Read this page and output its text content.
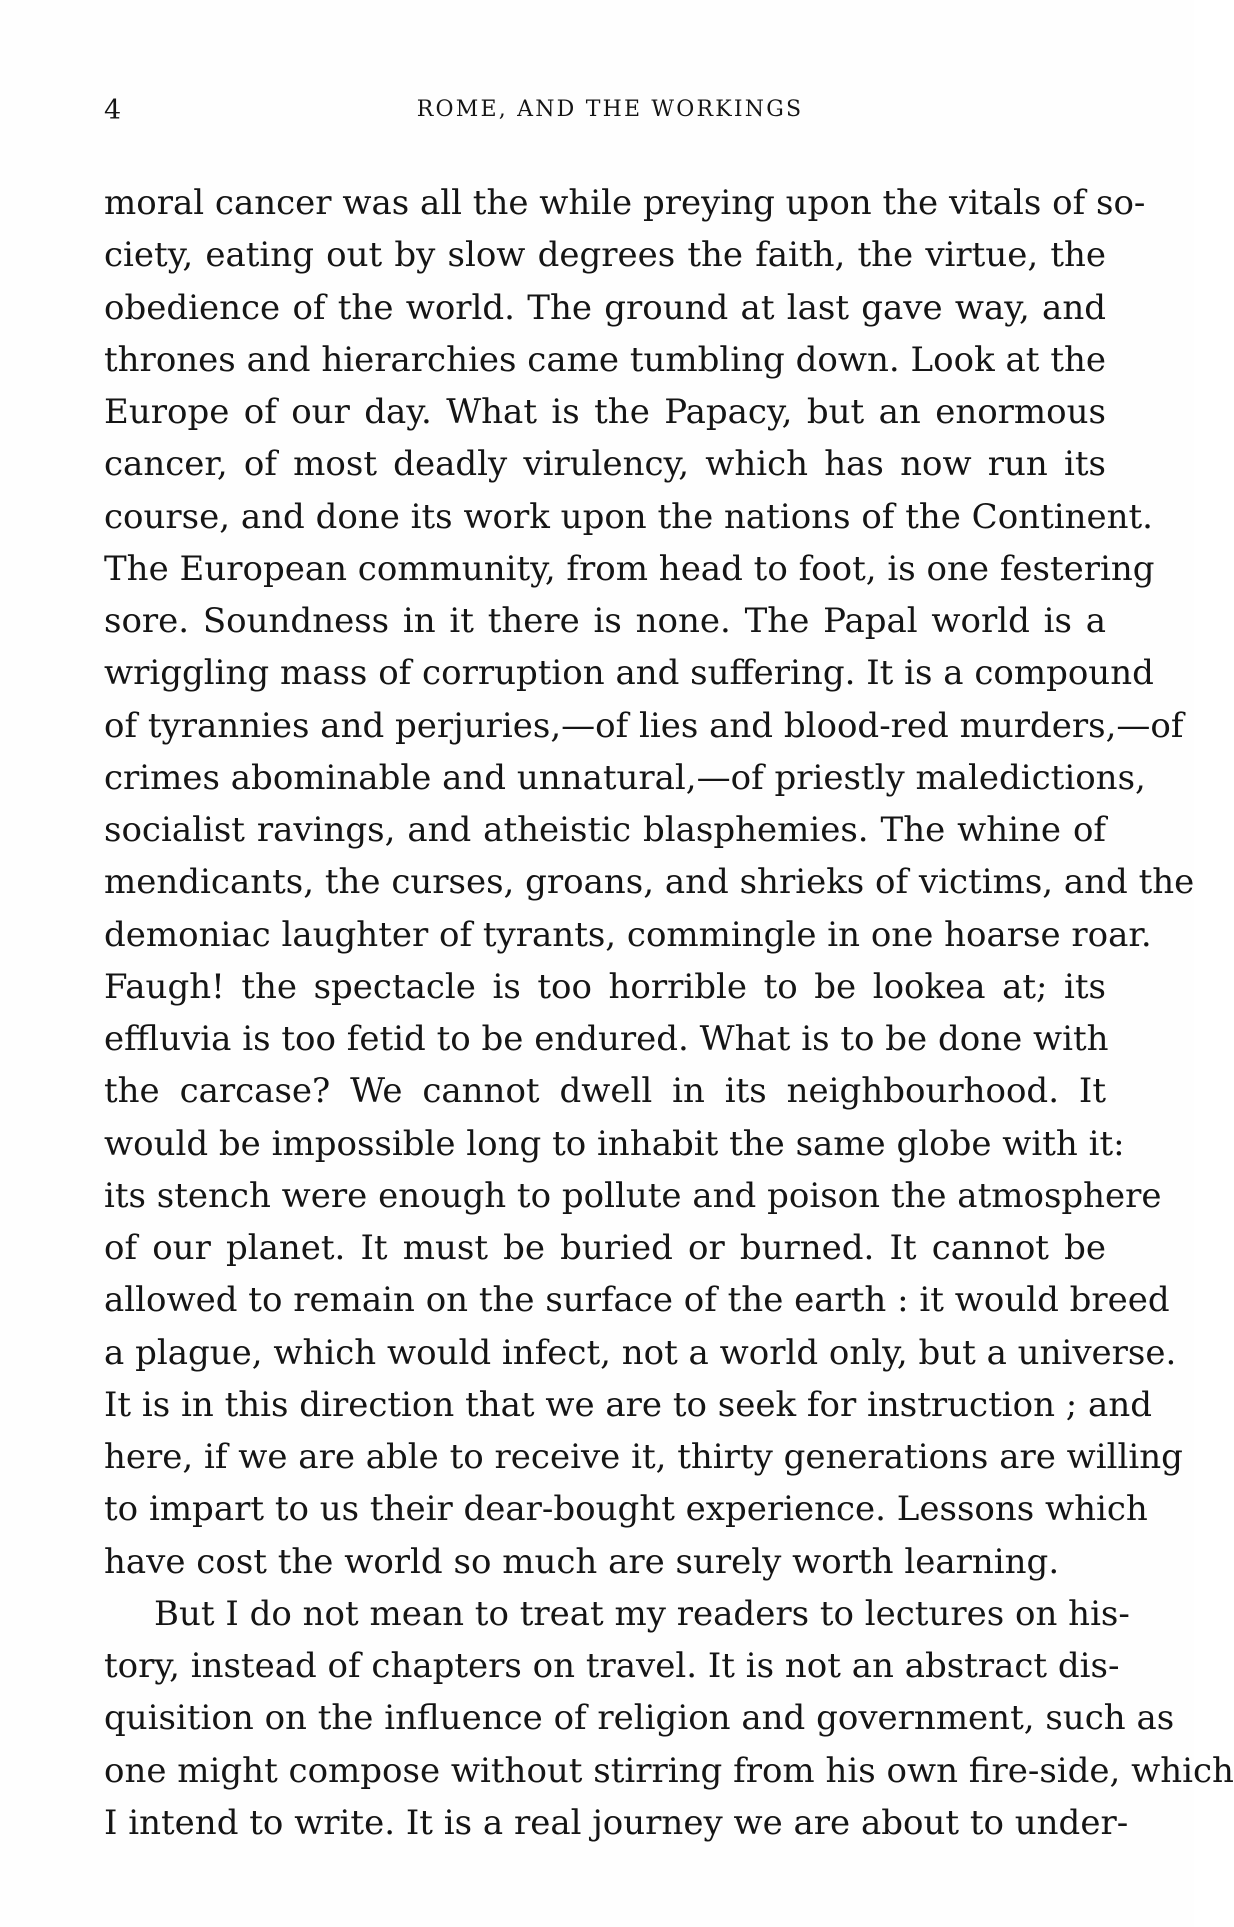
4	ROME, AND THE WORKINGS
moral cancer was all the while preying upon the vitals of so-
ciety, eating out by slow degrees the faith, the virtue, the
obedience of the world. The ground at last gave way, and
thrones and hierarchies came tumbling down. Look at the
Europe of our day. What is the Papacy, but an enormous
cancer, of most deadly virulency, which has now run its
course, and done its work upon the nations of the Continent.
The European community, from head to foot, is one festering
sore. Soundness in it there is none. The Papal world is a
wriggling mass of corruption and suffering. It is a compound
of tyrannies and perjuries,—of lies and blood-red murders,—of
crimes abominable and unnatural,—of priestly maledictions,
socialist ravings, and atheistic blasphemies. The whine of
mendicants, the curses, groans, and shrieks of victims, and the
demoniac laughter of tyrants, commingle in one hoarse roar.
Faugh! the spectacle is too horrible to be lookea at; its
effluvia is too fetid to be endured. What is to be done with
the carcase? We cannot dwell in its neighbourhood. It
would be impossible long to inhabit the same globe with it:
its stench were enough to pollute and poison the atmosphere
of our planet. It must be buried or burned. It cannot be
allowed to remain on the surface of the earth : it would breed
a plague, which would infect, not a world only, but a universe.
It is in this direction that we are to seek for instruction ; and
here, if we are able to receive it, thirty generations are willing
to impart to us their dear-bought experience. Lessons which
have cost the world so much are surely worth learning.
But I do not mean to treat my readers to lectures on his-
tory, instead of chapters on travel. It is not an abstract dis-
quisition on the influence of religion and government, such as
one might compose without stirring from his own fire-side, which
I intend to write. It is a real journey we are about to under-
